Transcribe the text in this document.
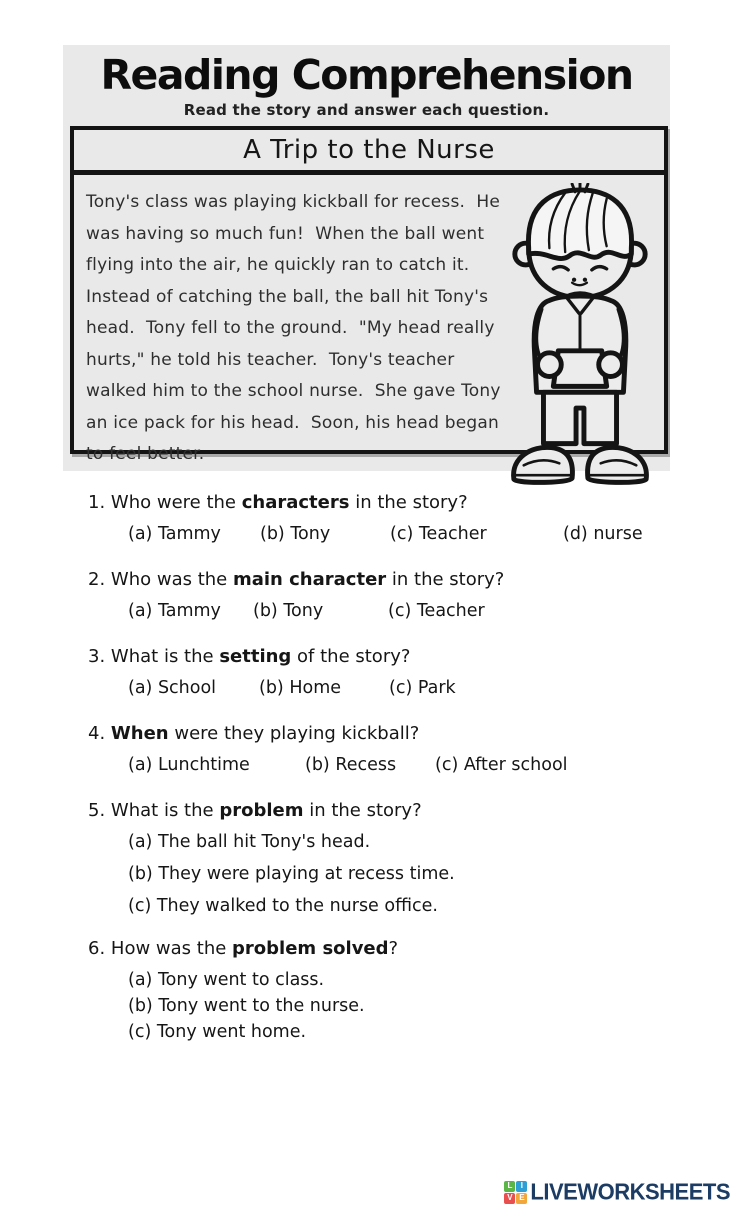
Reading Comprehension
Read the story and answer each question.
A Trip to the Nurse
Tony's class was playing kickball for recess.  He was having so much fun!  When the ball went flying into the air, he quickly ran to catch it.  Instead of catching the ball, the ball hit Tony's head.  Tony fell to the ground.  "My head really hurts," he told his teacher.  Tony's teacher walked him to the school nurse.  She gave Tony an ice pack for his head.  Soon, his head began to feel better.
1. Who were the characters in the story?
(a) Tammy	(b) Tony	(c) Teacher	(d) nurse
2. Who was the main character in the story?
(a) Tammy	(b) Tony	(c) Teacher
3. What is the setting of the story?
(a) School	(b) Home	(c) Park
4. When were they playing kickball?
(a) Lunchtime	(b) Recess	(c) After school
5. What is the problem in the story?
(a) The ball hit Tony's head.
(b) They were playing at recess time.
(c) They walked to the nurse office.
6. How was the problem solved?
(a) Tony went to class.
(b) Tony went to the nurse.
(c) Tony went home.
L	I
V E LIVEWORKSHEETS
